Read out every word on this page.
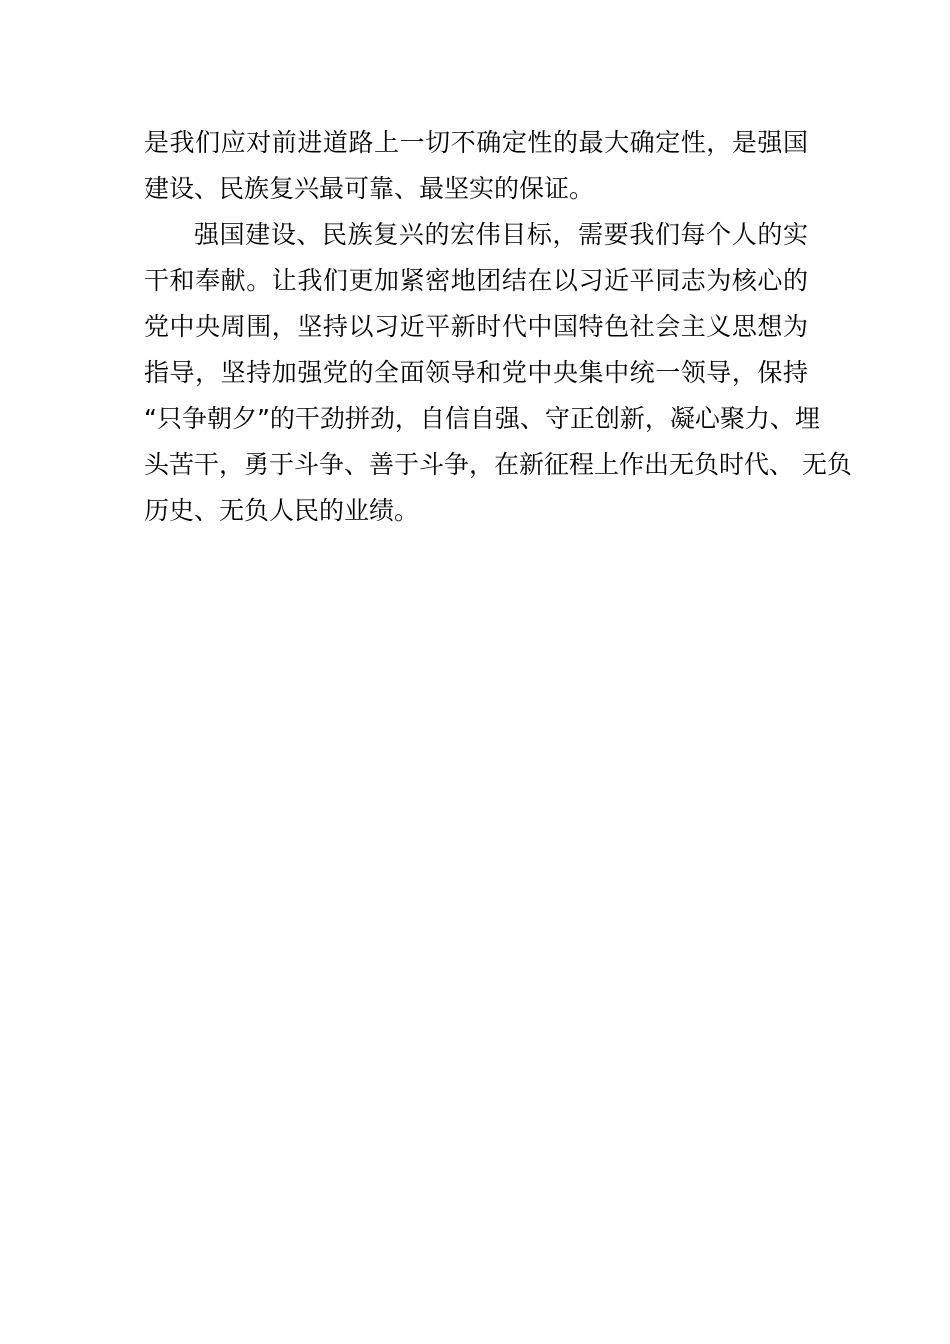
是我们应对前进道路上一切不确定性的最大确定性，是强国
建设、民族复兴最可靠、最坚实的保证。
强国建设、民族复兴的宏伟目标，需要我们每个人的实
干和奉献。让我们更加紧密地团结在以习近平同志为核心的
党中央周围，坚持以习近平新时代中国特色社会主义思想为
指导，坚持加强党的全面领导和党中央集中统一领导，保持
“只争朝夕”的干劲拼劲，自信自强、守正创新，凝心聚力、埋
头苦干，勇于斗争、善于斗争，在新征程上作出无负时代、 无负
历史、无负人民的业绩。
